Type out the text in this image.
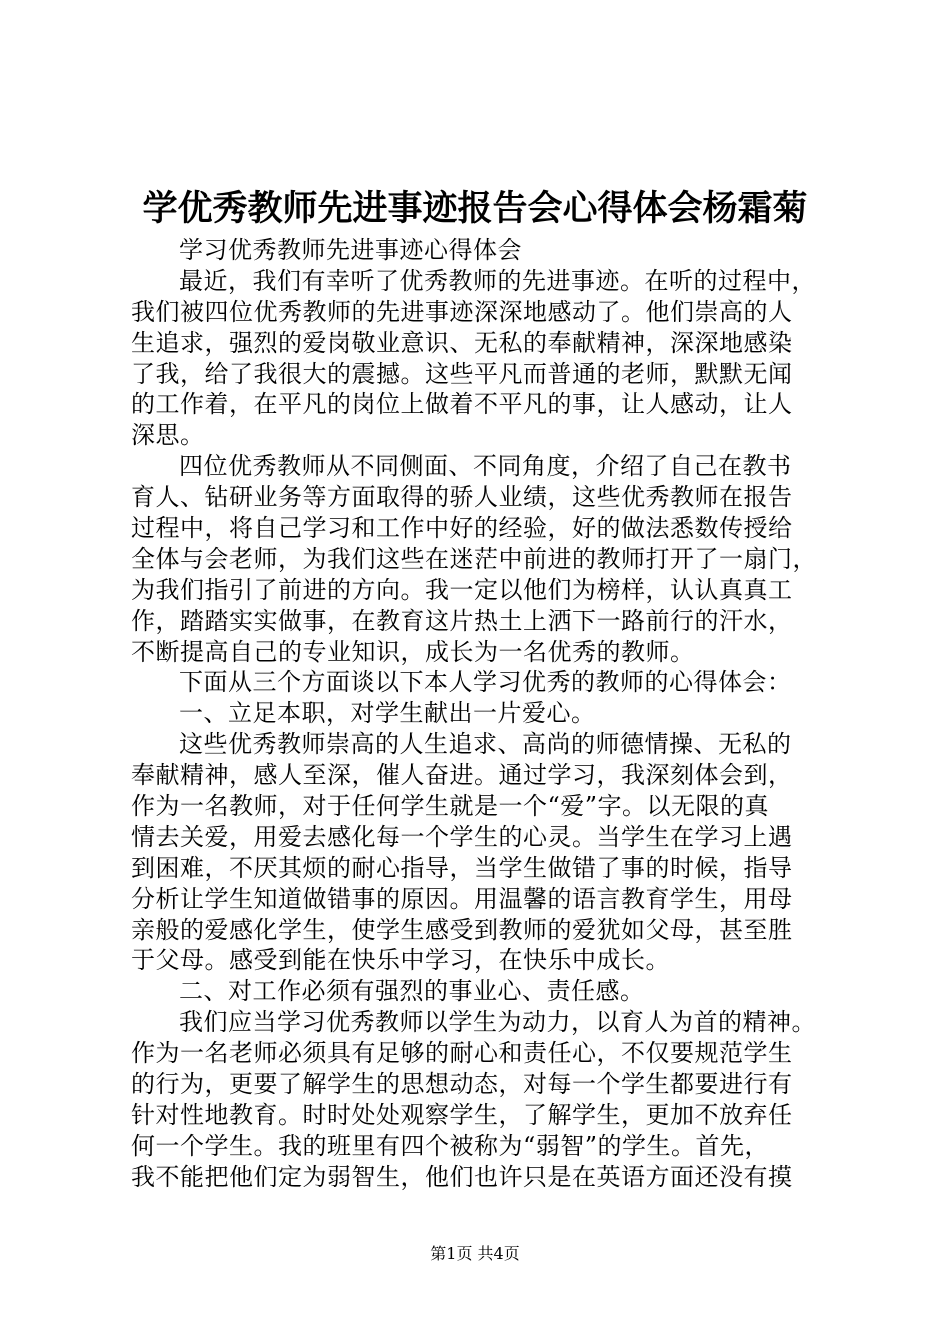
学优秀教师先进事迹报告会心得体会杨霜菊
学习优秀教师先进事迹心得体会
最近，我们有幸听了优秀教师的先进事迹。在听的过程中，
我们被四位优秀教师的先进事迹深深地感动了。他们崇高的人
生追求，强烈的爱岗敬业意识、无私的奉献精神，深深地感染
了我，给了我很大的震撼。这些平凡而普通的老师，默默无闻
的工作着，在平凡的岗位上做着不平凡的事，让人感动，让人
深思。
四位优秀教师从不同侧面、不同角度，介绍了自己在教书
育人、钻研业务等方面取得的骄人业绩，这些优秀教师在报告
过程中，将自己学习和工作中好的经验，好的做法悉数传授给
全体与会老师，为我们这些在迷茫中前进的教师打开了一扇门，
为我们指引了前进的方向。我一定以他们为榜样，认认真真工
作，踏踏实实做事，在教育这片热土上洒下一路前行的汗水，
不断提高自己的专业知识，成长为一名优秀的教师。
下面从三个方面谈以下本人学习优秀的教师的心得体会：
一、立足本职，对学生献出一片爱心。
这些优秀教师崇高的人生追求、高尚的师德情操、无私的
奉献精神，感人至深，催人奋进。通过学习，我深刻体会到，
作为一名教师，对于任何学生就是一个“爱”字。以无限的真
情去关爱，用爱去感化每一个学生的心灵。当学生在学习上遇
到困难，不厌其烦的耐心指导，当学生做错了事的时候，指导
分析让学生知道做错事的原因。用温馨的语言教育学生，用母
亲般的爱感化学生，使学生感受到教师的爱犹如父母，甚至胜
于父母。感受到能在快乐中学习，在快乐中成长。
二、对工作必须有强烈的事业心、责任感。
我们应当学习优秀教师以学生为动力，以育人为首的精神。
作为一名老师必须具有足够的耐心和责任心，不仅要规范学生
的行为，更要了解学生的思想动态，对每一个学生都要进行有
针对性地教育。时时处处观察学生，了解学生，更加不放弃任
何一个学生。我的班里有四个被称为“弱智”的学生。首先，
我不能把他们定为弱智生，他们也许只是在英语方面还没有摸
第1页 共4页
